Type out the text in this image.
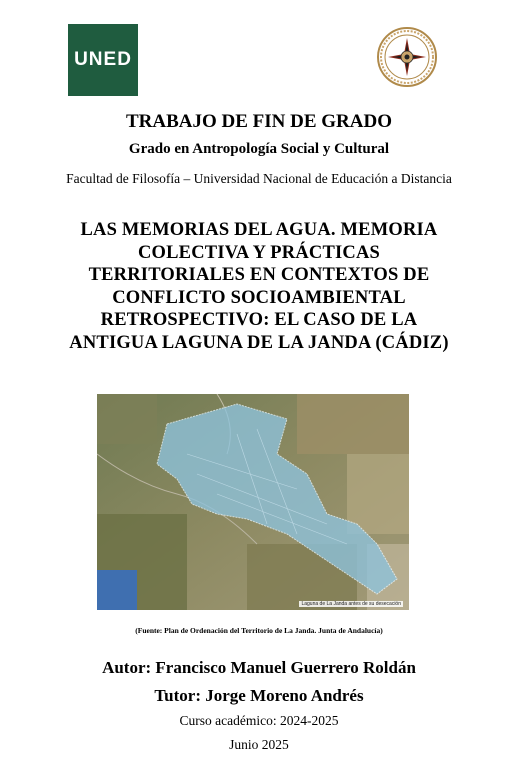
UNED
TRABAJO DE FIN DE GRADO
Grado en Antropología Social y Cultural
Facultad de Filosofía – Universidad Nacional de Educación a Distancia
LAS MEMORIAS DEL AGUA. MEMORIA
COLECTIVA Y PRÁCTICAS
TERRITORIALES EN CONTEXTOS DE
CONFLICTO SOCIOAMBIENTAL
RETROSPECTIVO: EL CASO DE LA
ANTIGUA LAGUNA DE LA JANDA (CÁDIZ)
Laguna de La Janda antes de su desecación
(Fuente: Plan de Ordenación del Territorio de La Janda. Junta de Andalucía)
Autor: Francisco Manuel Guerrero Roldán
Tutor: Jorge Moreno Andrés
Curso académico: 2024-2025
Junio 2025
